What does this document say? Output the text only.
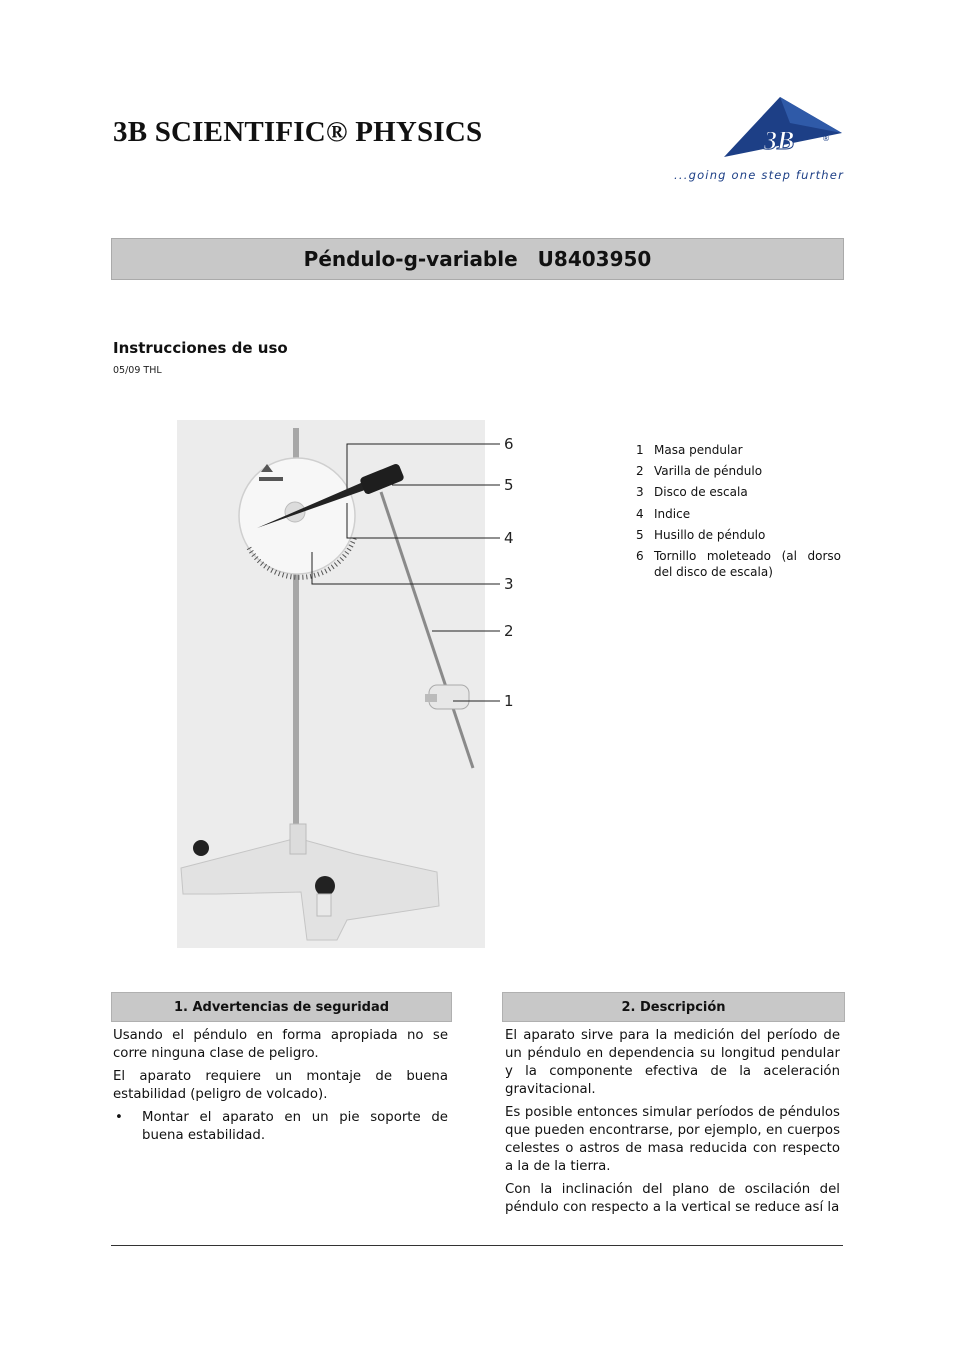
3B SCIENTIFIC® PHYSICS	3B	®
...going one step further
Péndulo-g-variable U8403950
Instrucciones de uso
05/09 THL
6
5
4
3
2
1
1 Masa pendular
2 Varilla de péndulo
3 Disco de escala
4 Indice
5 Husillo de péndulo
6 Tornillo moleteado (al dorso del disco de escala)
1. Advertencias de seguridad	2. Descripción

Usando el péndulo en forma apropiada no se corre ninguna clase de peligro.

El aparato requiere un montaje de buena estabilidad (peligro de volcado).

•	Montar el aparato en un pie soporte de buena estabilidad.

El aparato sirve para la medición del período de un péndulo en dependencia su longitud pendular y la componente efectiva de la aceleración gravitacional.

Es posible entonces simular períodos de péndulos que pueden encontrarse, por ejemplo, en cuerpos celestes o astros de masa reducida con respecto a la de la tierra.

Con la inclinación del plano de oscilación del péndulo con respecto a la vertical se reduce así la
